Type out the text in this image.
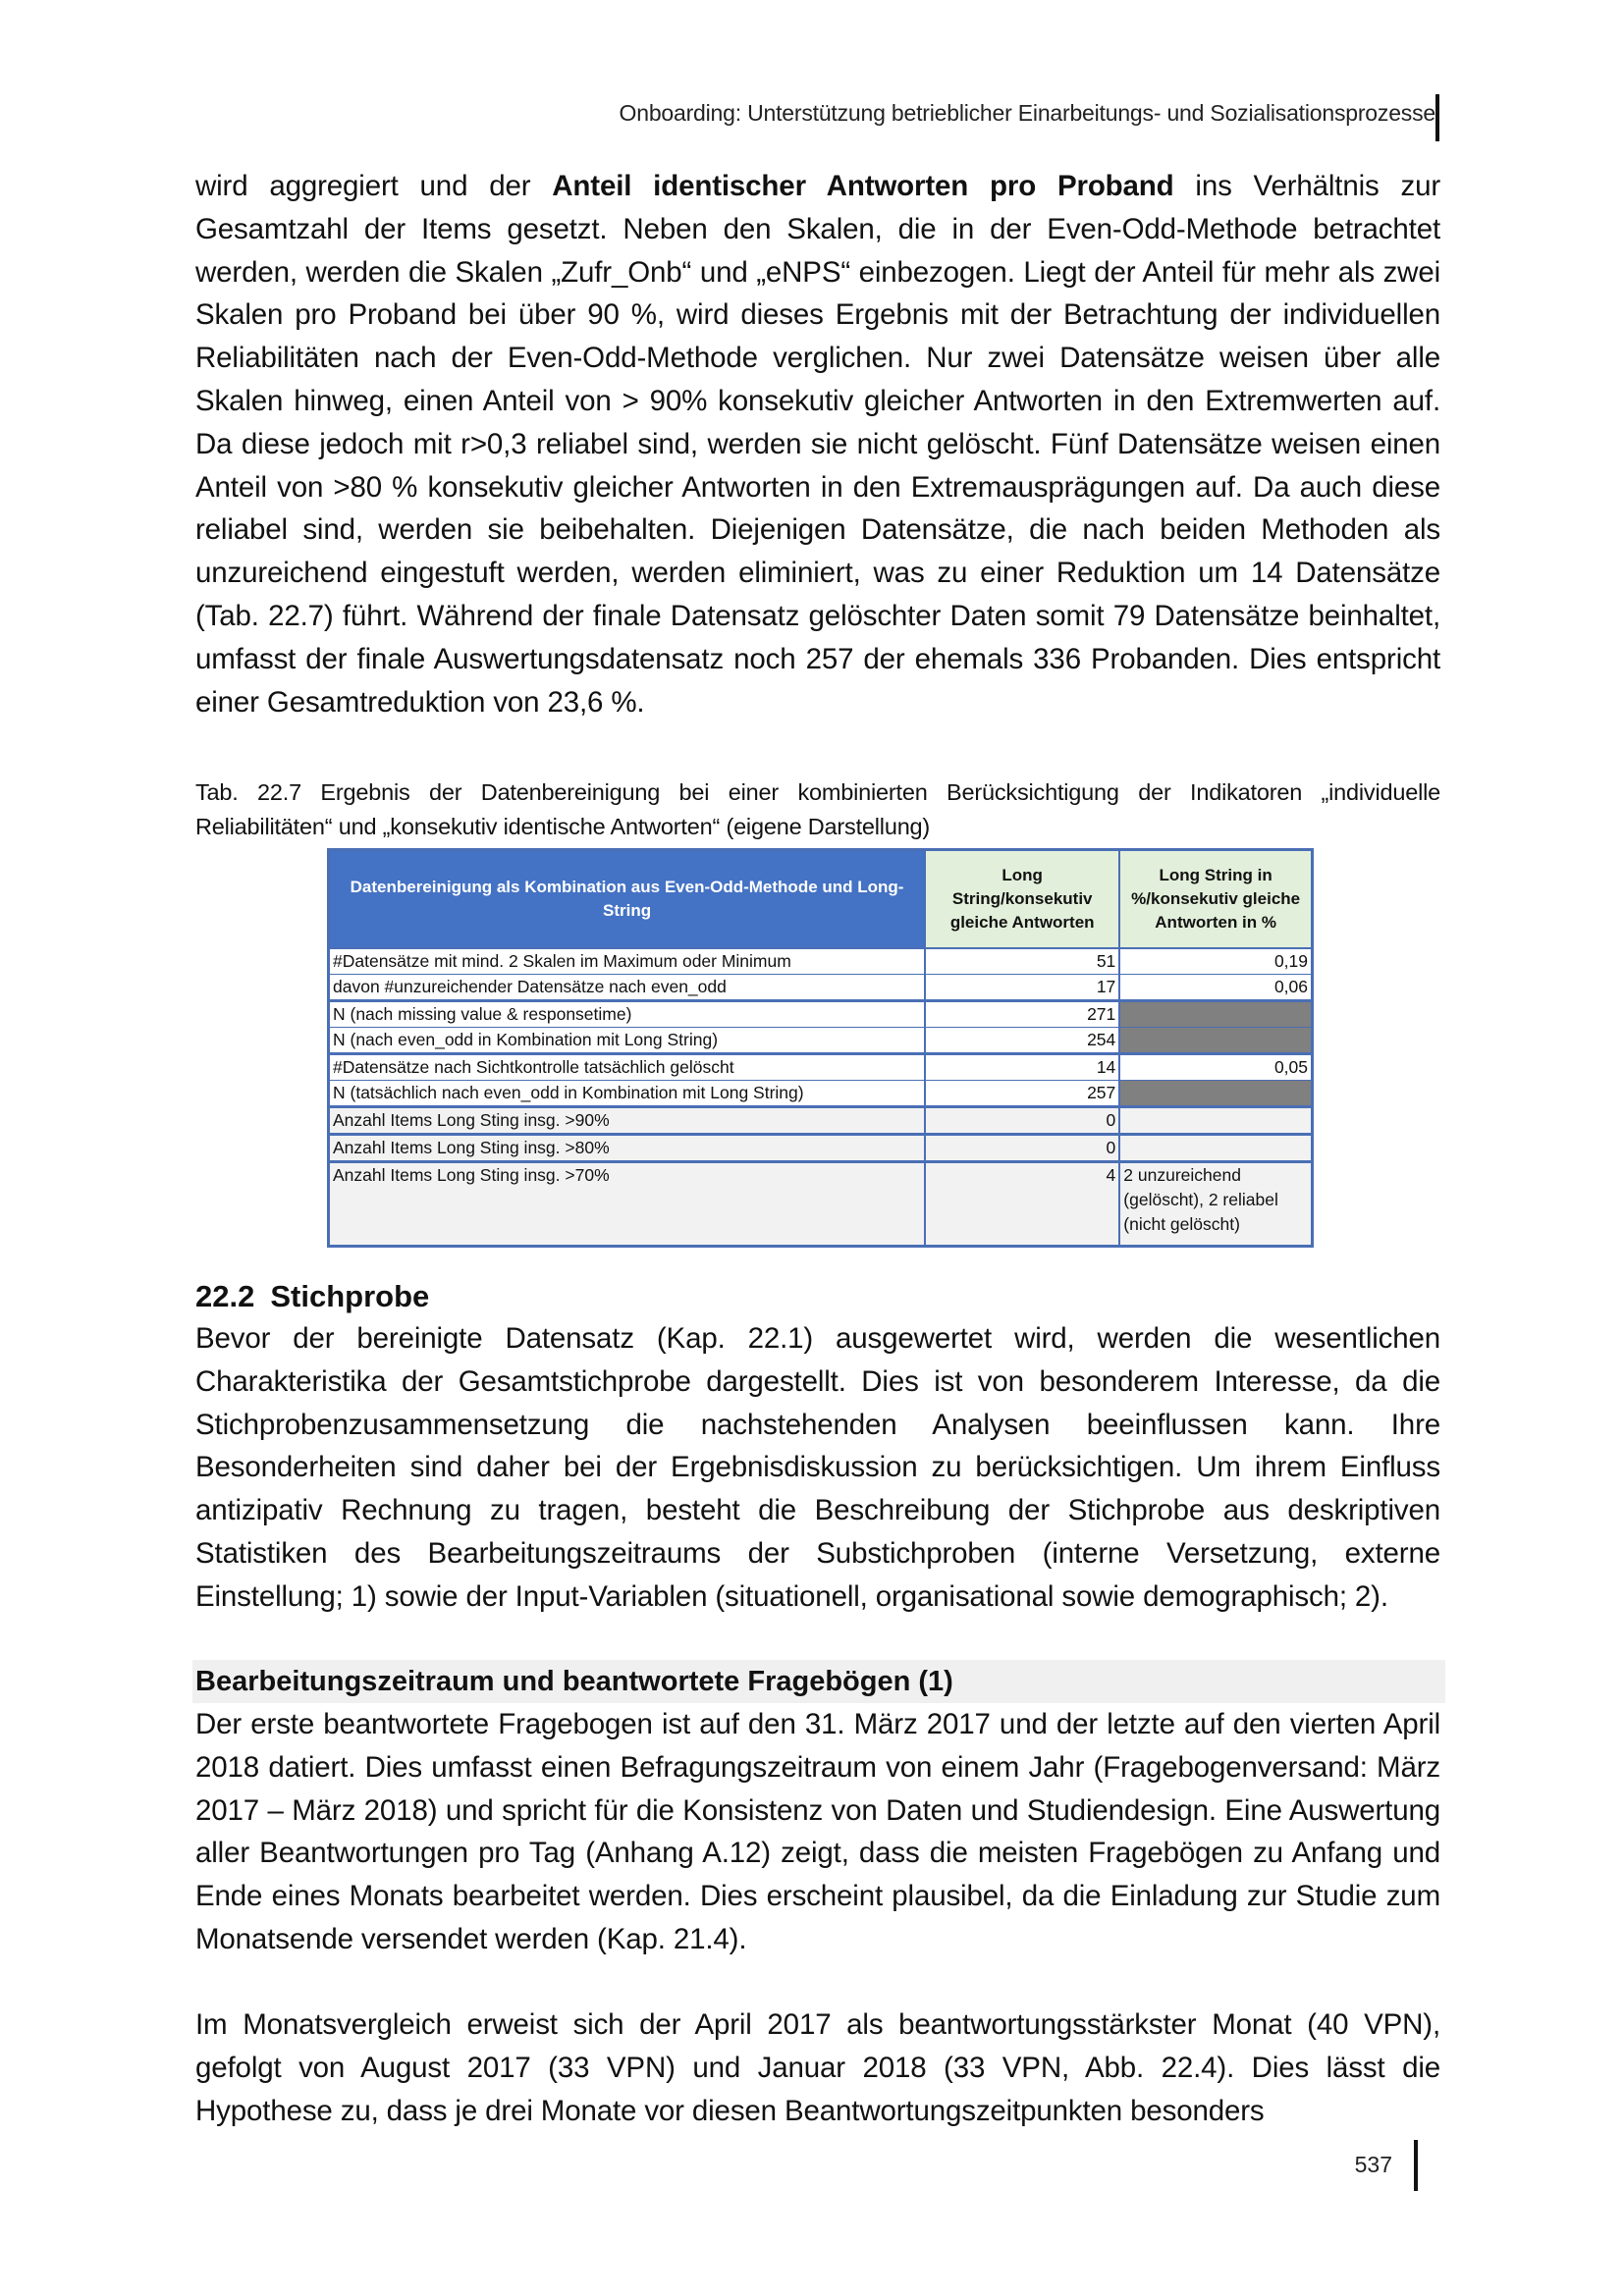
Onboarding: Unterstützung betrieblicher Einarbeitungs- und Sozialisationsprozesse
wird aggregiert und der Anteil identischer Antworten pro Proband ins Verhältnis zur Gesamtzahl der Items gesetzt. Neben den Skalen, die in der Even-Odd-Methode betrachtet werden, werden die Skalen „Zufr_Onb“ und „eNPS“ einbezogen. Liegt der Anteil für mehr als zwei Skalen pro Proband bei über 90 %, wird dieses Ergebnis mit der Betrachtung der individuellen Reliabilitäten nach der Even-Odd-Methode verglichen. Nur zwei Datensätze weisen über alle Skalen hinweg, einen Anteil von > 90% konsekutiv gleicher Antworten in den Extremwerten auf. Da diese jedoch mit r>0,3 reliabel sind, werden sie nicht gelöscht. Fünf Datensätze weisen einen Anteil von >80 % konsekutiv gleicher Antworten in den Extremausprägungen auf. Da auch diese reliabel sind, werden sie beibehalten. Diejenigen Datensätze, die nach beiden Methoden als unzureichend eingestuft werden, werden eliminiert, was zu einer Reduktion um 14 Datensätze (Tab. 22.7) führt. Während der finale Datensatz gelöschter Daten somit 79 Datensätze beinhaltet, umfasst der finale Auswertungsdatensatz noch 257 der ehemals 336 Probanden. Dies entspricht einer Gesamtreduktion von 23,6 %.
Tab. 22.7 Ergebnis der Datenbereinigung bei einer kombinierten Berücksichtigung der Indikatoren „individuelle Reliabilitäten“ und „konsekutiv identische Antworten“ (eigene Darstellung)
Datenbereinigung als Kombination aus Even-Odd-Methode und Long-String	Long String/konsekutiv gleiche Antworten	Long String in %/konsekutiv gleiche Antworten in %
#Datensätze mit mind. 2 Skalen im Maximum oder Minimum	51	0,19
davon #unzureichender Datensätze nach even_odd	17	0,06
N (nach missing value & responsetime)	271	
N (nach even_odd in Kombination mit Long String)	254	
#Datensätze nach Sichtkontrolle tatsächlich gelöscht	14	0,05
N (tatsächlich nach even_odd in Kombination mit Long String)	257	
Anzahl Items Long Sting insg. >90%	0	
Anzahl Items Long Sting insg. >80%	0	
Anzahl Items Long Sting insg. >70%	4	2 unzureichend (gelöscht), 2 reliabel (nicht gelöscht)
22.2 Stichprobe
Bevor der bereinigte Datensatz (Kap. 22.1) ausgewertet wird, werden die wesentlichen Charakteristika der Gesamtstichprobe dargestellt. Dies ist von besonderem Interesse, da die Stichprobenzusammensetzung die nachstehenden Analysen beeinflussen kann. Ihre Besonderheiten sind daher bei der Ergebnisdiskussion zu berücksichtigen. Um ihrem Einfluss antizipativ Rechnung zu tragen, besteht die Beschreibung der Stichprobe aus deskriptiven Statistiken des Bearbeitungszeitraums der Substichproben (interne Versetzung, externe Einstellung; 1) sowie der Input-Variablen (situationell, organisational sowie demographisch; 2).
Bearbeitungszeitraum und beantwortete Fragebögen (1)
Der erste beantwortete Fragebogen ist auf den 31. März 2017 und der letzte auf den vierten April 2018 datiert. Dies umfasst einen Befragungszeitraum von einem Jahr (Fragebogenversand: März 2017 – März 2018) und spricht für die Konsistenz von Daten und Studiendesign. Eine Auswertung aller Beantwortungen pro Tag (Anhang A.12) zeigt, dass die meisten Fragebögen zu Anfang und Ende eines Monats bearbeitet werden. Dies erscheint plausibel, da die Einladung zur Studie zum Monatsende versendet werden (Kap. 21.4).
Im Monatsvergleich erweist sich der April 2017 als beantwortungsstärkster Monat (40 VPN), gefolgt von August 2017 (33 VPN) und Januar 2018 (33 VPN, Abb. 22.4). Dies lässt die Hypothese zu, dass je drei Monate vor diesen Beantwortungszeitpunkten besonders
537
